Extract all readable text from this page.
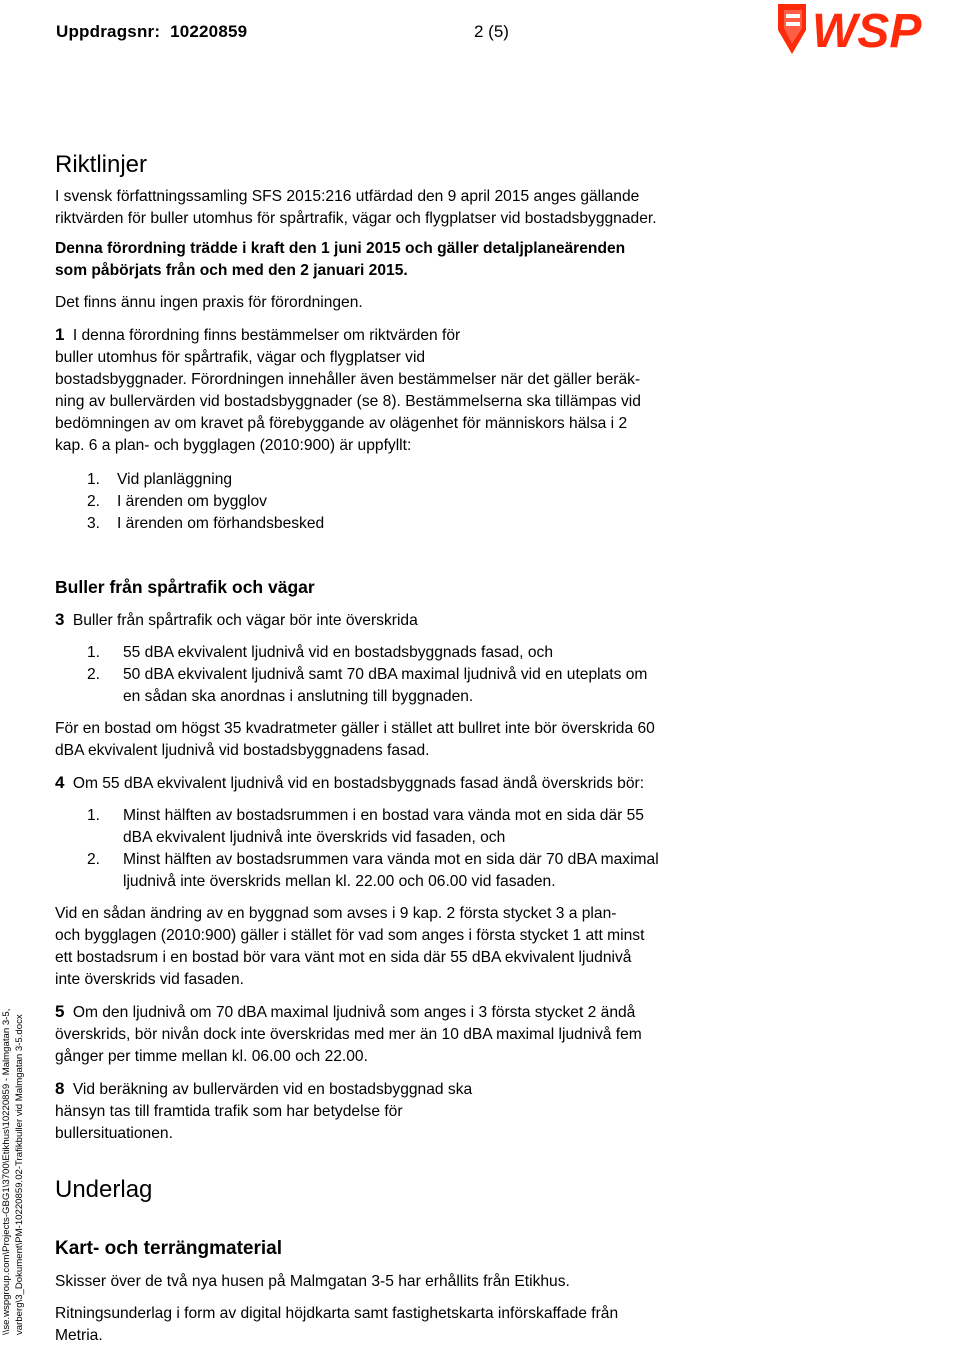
Uppdragsnr: 10220859	2 (5)	WSP
Riktlinjer
I svensk författningssamling SFS 2015:216 utfärdad den 9 april 2015 anges gällande
riktvärden för buller utomhus för spårtrafik, vägar och flygplatser vid bostadsbyggnader.
Denna förordning trädde i kraft den 1 juni 2015 och gäller detaljplaneärenden
som påbörjats från och med den 2 januari 2015.
Det finns ännu ingen praxis för förordningen.
1 I denna förordning finns bestämmelser om riktvärden för
buller utomhus för spårtrafik, vägar och flygplatser vid
bostadsbyggnader. Förordningen innehåller även bestämmelser när det gäller beräk-
ning av bullervärden vid bostadsbyggnader (se 8). Bestämmelserna ska tillämpas vid
bedömningen av om kravet på förebyggande av olägenhet för människors hälsa i 2
kap. 6 a plan- och bygglagen (2010:900) är uppfyllt:
1. Vid planläggning
2. I ärenden om bygglov
3. I ärenden om förhandsbesked
Buller från spårtrafik och vägar
3 Buller från spårtrafik och vägar bör inte överskrida
1. 55 dBA ekvivalent ljudnivå vid en bostadsbyggnads fasad, och
2. 50 dBA ekvivalent ljudnivå samt 70 dBA maximal ljudnivå vid en uteplats om
en sådan ska anordnas i anslutning till byggnaden.
För en bostad om högst 35 kvadratmeter gäller i stället att bullret inte bör överskrida 60
dBA ekvivalent ljudnivå vid bostadsbyggnadens fasad.
4 Om 55 dBA ekvivalent ljudnivå vid en bostadsbyggnads fasad ändå överskrids bör:
1. Minst hälften av bostadsrummen i en bostad vara vända mot en sida där 55
dBA ekvivalent ljudnivå inte överskrids vid fasaden, och
2. Minst hälften av bostadsrummen vara vända mot en sida där 70 dBA maximal
ljudnivå inte överskrids mellan kl. 22.00 och 06.00 vid fasaden.
Vid en sådan ändring av en byggnad som avses i 9 kap. 2 första stycket 3 a plan-
och bygglagen (2010:900) gäller i stället för vad som anges i första stycket 1 att minst
ett bostadsrum i en bostad bör vara vänt mot en sida där 55 dBA ekvivalent ljudnivå
inte överskrids vid fasaden.
5 Om den ljudnivå om 70 dBA maximal ljudnivå som anges i 3 första stycket 2 ändå
överskrids, bör nivån dock inte överskridas med mer än 10 dBA maximal ljudnivå fem
gånger per timme mellan kl. 06.00 och 22.00.
8 Vid beräkning av bullervärden vid en bostadsbyggnad ska
hänsyn tas till framtida trafik som har betydelse för
bullersituationen.
Underlag
Kart- och terrängmaterial
Skisser över de två nya husen på Malmgatan 3-5 har erhållits från Etikhus.
Ritningsunderlag i form av digital höjdkarta samt fastighetskarta införskaffade från
Metria.
\\se.wspgroup.com\Projects-GBG1\3700\Etikhus\10220859 - Malmgatan 3-5, varberg\3_Dokument\PM-10220859.02-Trafikbuller vid Malmgatan 3-5.docx
